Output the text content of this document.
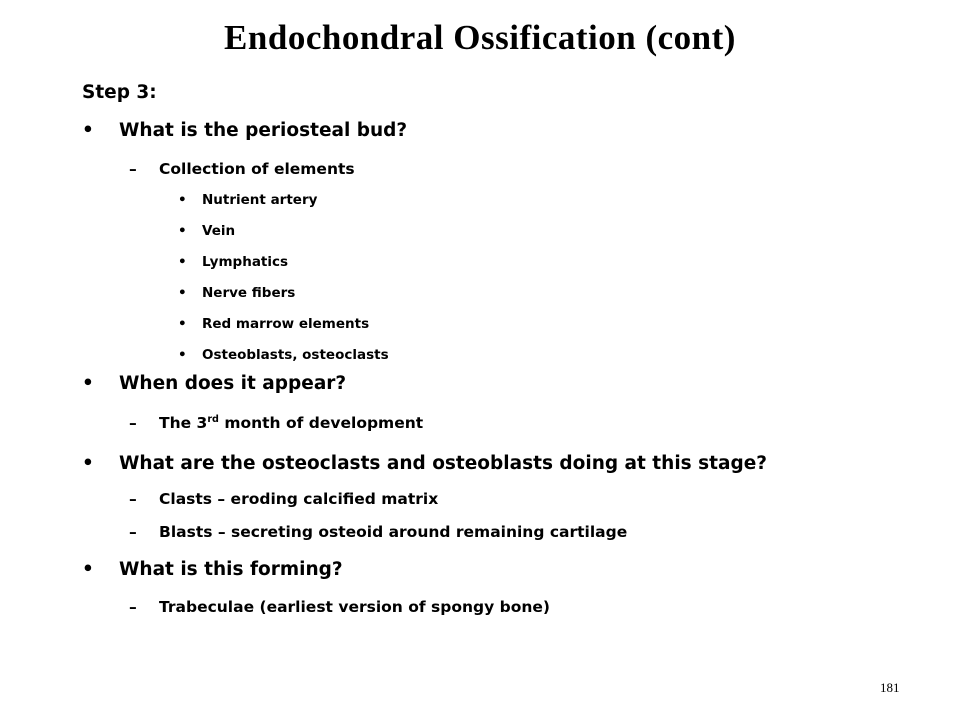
Endochondral Ossification (cont)
Step 3:
• What is the periosteal bud?
– Collection of elements
• Nutrient artery
• Vein
• Lymphatics
• Nerve fibers
• Red marrow elements
• Osteoblasts, osteoclasts
• When does it appear?
– The 3rd month of development
• What are the osteoclasts and osteoblasts doing at this stage?
– Clasts – eroding calcified matrix
– Blasts – secreting osteoid around remaining cartilage
• What is this forming?
– Trabeculae (earliest version of spongy bone)
181
